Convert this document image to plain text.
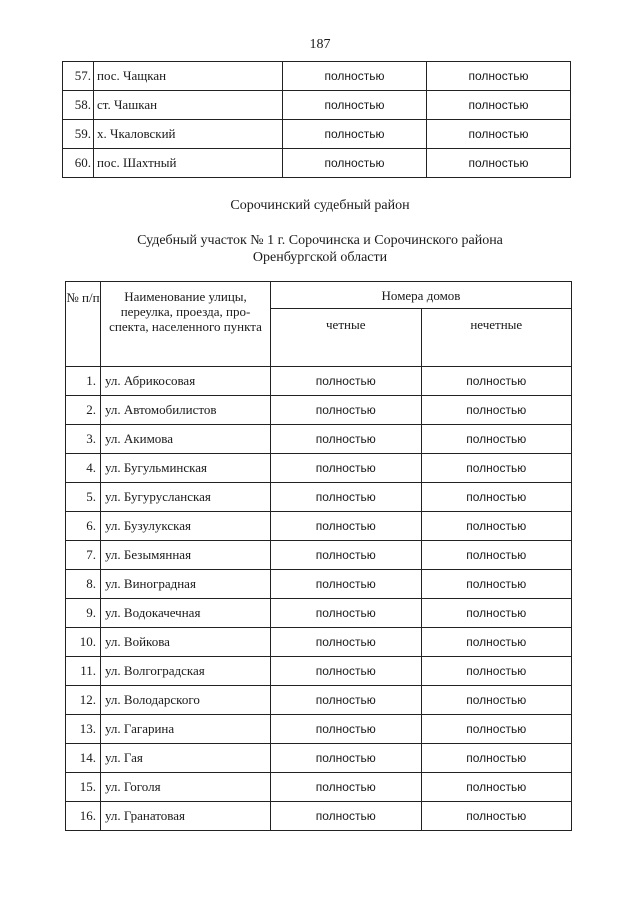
187
57.	пос. Чащкан	полностью	полностью
58.	ст. Чашкан	полностью	полностью
59.	х. Чкаловский	полностью	полностью
60.	пос. Шахтный	полностью	полностью
Сорочинский судебный район
Судебный участок № 1 г. Сорочинска и Сорочинского района
Оренбургской области
№ п/п	Наименование улицы, переулка, проезда, про-спекта, населенного пункта	Номера домов	
		четные	нечетные
1.	ул. Абрикосовая	полностью	полностью
2.	ул. Автомобилистов	полностью	полностью
3.	ул. Акимова	полностью	полностью
4.	ул. Бугульминская	полностью	полностью
5.	ул. Бугурусланская	полностью	полностью
6.	ул. Бузулукская	полностью	полностью
7.	ул. Безымянная	полностью	полностью
8.	ул. Виноградная	полностью	полностью
9.	ул. Водокачечная	полностью	полностью
10.	ул. Войкова	полностью	полностью
11.	ул. Волгоградская	полностью	полностью
12.	ул. Володарского	полностью	полностью
13.	ул. Гагарина	полностью	полностью
14.	ул. Гая	полностью	полностью
15.	ул. Гоголя	полностью	полностью
16.	ул. Гранатовая	полностью	полностью
